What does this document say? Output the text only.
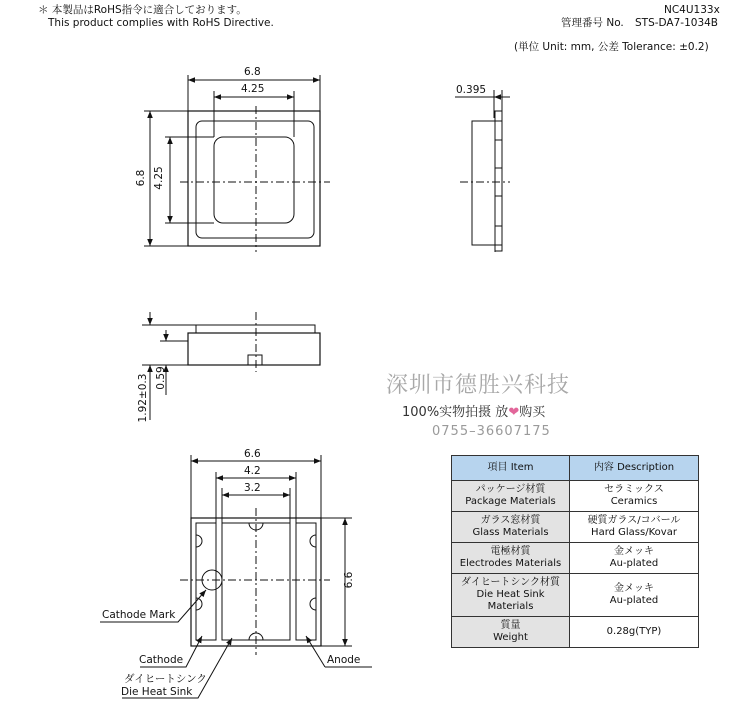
＊ 本製品はRoHS指令に適合しております。
This product complies with RoHS Directive.
NC4U133x
管理番号 No. STS-DA7-1034B
(単位 Unit: mm, 公差 Tolerance: ±0.2)
6.8
4.25
6.8 4.25
0.395
1.92±0.3 0.59
6.6
4.2
3.2
6.6
Cathode Mark
Cathode	Anode
ダイヒートシンク
Die Heat Sink
深圳市德胜兴科技
100%实物拍摄 放❤购买
0755–36607175
項目 Item	内容 Description
パッケージ材質
Package Materials	セラミックス
Ceramics
ガラス窓材質
Glass Materials	硬質ガラス/コバール
Hard Glass/Kovar
電極材質
Electrodes Materials	金メッキ
Au-plated
ダイヒートシンク材質
Die Heat Sink
Materials	金メッキ
Au-plated
質量
Weight	0.28g(TYP)
